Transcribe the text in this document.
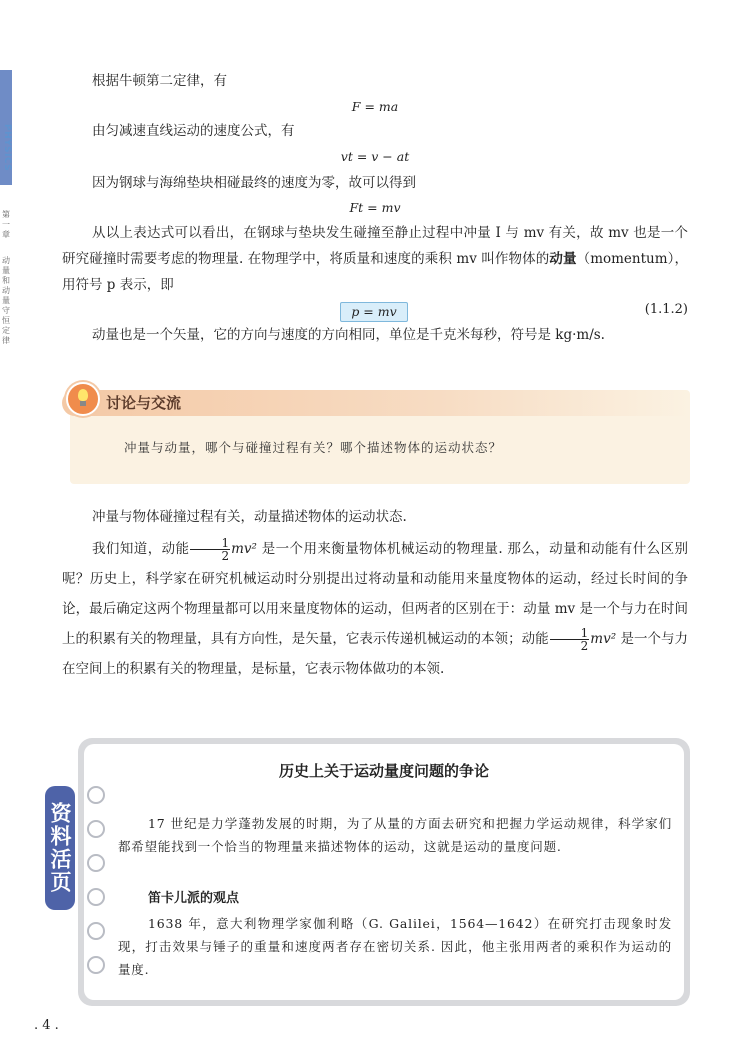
PHYSICS
第一章
动量和动量守恒定律

根据牛顿第二定律，有

F = ma

由匀减速直线运动的速度公式，有

vt = v − at

因为钢球与海绵垫块相碰最终的速度为零，故可以得到

Ft = mv

从以上表达式可以看出，在钢球与垫块发生碰撞至静止过程中冲量 I 与 mv 有关，故 mv 也是一个研究碰撞时需要考虑的物理量. 在物理学中，将质量和速度的乘积 mv 叫作物体的动量（momentum），用符号 p 表示，即

p = mv	(1.1.2)

动量也是一个矢量，它的方向与速度的方向相同，单位是千克米每秒，符号是 kg·m/s.

讨论与交流
冲量与动量，哪个与碰撞过程有关？哪个描述物体的运动状态？

冲量与物体碰撞过程有关，动量描述物体的运动状态.

我们知道，动能 $\frac{1}{2} mv^2$ 是一个用来衡量物体机械运动的物理量. 那么，动量和动能有什么区别呢？历史上，科学家在研究机械运动时分别提出过将动量和动能用来量度物体的运动，经过长时间的争论，最后确定这两个物理量都可以用来量度物体的运动，但两者的区别在于：动量 mv 是一个与力在时间上的积累有关的物理量，具有方向性，是矢量，它表示传递机械运动的本领；动能 $\frac{1}{2} mv^2$ 是一个与力在空间上的积累有关的物理量，是标量，它表示物体做功的本领.

资料活页
历史上关于运动量度问题的争论

17 世纪是力学蓬勃发展的时期，为了从量的方面去研究和把握力学运动规律，科学家们都希望能找到一个恰当的物理量来描述物体的运动，这就是运动的量度问题.

笛卡儿派的观点

1638 年，意大利物理学家伽利略（G. Galilei，1564—1642）在研究打击现象时发现，打击效果与锤子的重量和速度两者存在密切关系. 因此，他主张用两者的乘积作为运动的量度.

. 4 .
